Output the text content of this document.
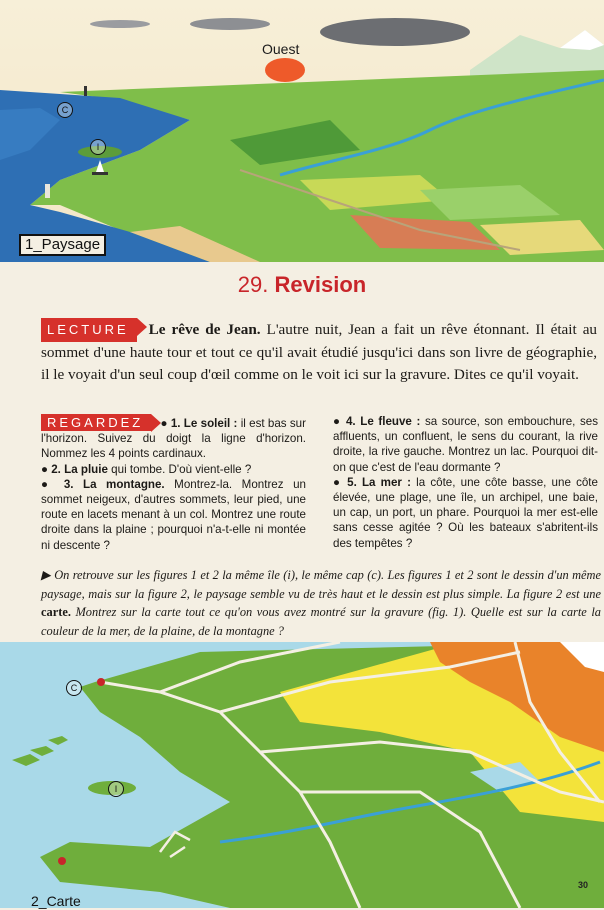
Ouest
C
I
1_Paysage
29. Revision
LECTURE Le rêve de Jean. L'autre nuit, Jean a fait un rêve étonnant. Il était au sommet d'une haute tour et tout ce qu'il avait étudié jusqu'ici dans son livre de géographie, il le voyait d'un seul coup d'œil comme on le voit ici sur la gravure. Dites ce qu'il voyait.

REGARDEZ ● 1. Le soleil : il est bas sur l'horizon. Suivez du doigt la ligne d'horizon. Nommez les 4 points cardinaux.

● 2. La pluie qui tombe. D'où vient-elle ?

● 3. La montagne. Montrez-la. Montrez un sommet neigeux, d'autres sommets, leur pied, une route en lacets menant à un col. Montrez une route droite dans la plaine ; pourquoi n'a-t-elle ni montée ni descente ?

● 4. Le fleuve : sa source, son embouchure, ses affluents, un confluent, le sens du courant, la rive droite, la rive gauche. Montrez un lac. Pourquoi dit-on que c'est de l'eau dormante ?

● 5. La mer : la côte, une côte basse, une côte élevée, une plage, une île, un archipel, une baie, un cap, un port, un phare. Pourquoi la mer est-elle sans cesse agitée ? Où les bateaux s'abritent-ils des tempêtes ?

▶ On retrouve sur les figures 1 et 2 la même île (i), le même cap (c). Les figures 1 et 2 sont le dessin d'un même paysage, mais sur la figure 2, le paysage semble vu de très haut et le dessin est plus simple. La figure 2 est une carte. Montrez sur la carte tout ce qu'on vous avez montré sur la gravure (fig. 1). Quelle est sur la carte la couleur de la mer, de la plaine, de la montagne ?
C
I
2_Carte
30
